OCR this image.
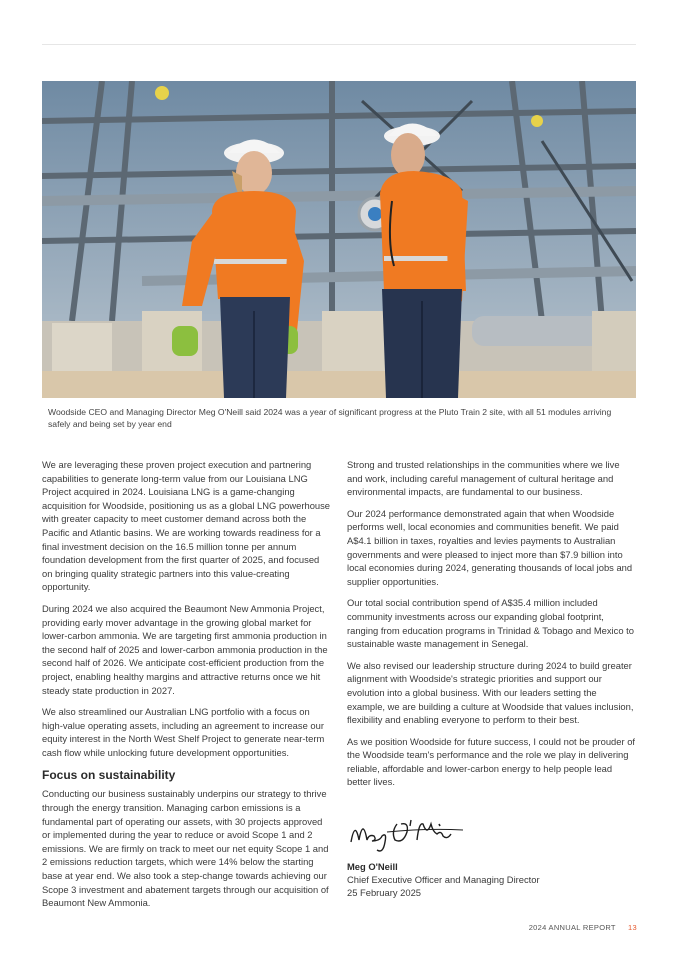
Woodside CEO and Managing Director Meg O'Neill said 2024 was a year of significant progress at the Pluto Train 2 site, with all 51 modules arriving safely and being set by year end

We are leveraging these proven project execution and partnering capabilities to generate long-term value from our Louisiana LNG Project acquired in 2024. Louisiana LNG is a game-changing acquisition for Woodside, positioning us as a global LNG powerhouse with greater capacity to meet customer demand across both the Pacific and Atlantic basins. We are working towards readiness for a final investment decision on the 16.5 million tonne per annum foundation development from the first quarter of 2025, and focused on bringing quality strategic partners into this value-creating opportunity.

During 2024 we also acquired the Beaumont New Ammonia Project, providing early mover advantage in the growing global market for lower-carbon ammonia. We are targeting first ammonia production in the second half of 2025 and lower-carbon ammonia production in the second half of 2026. We anticipate cost-efficient production from the project, enabling healthy margins and attractive returns once we hit steady state production in 2027.

We also streamlined our Australian LNG portfolio with a focus on high-value operating assets, including an agreement to increase our equity interest in the North West Shelf Project to generate near-term cash flow while unlocking future development opportunities.

Focus on sustainability

Conducting our business sustainably underpins our strategy to thrive through the energy transition. Managing carbon emissions is a fundamental part of operating our assets, with 30 projects approved or implemented during the year to reduce or avoid Scope 1 and 2 emissions. We are firmly on track to meet our net equity Scope 1 and 2 emissions reduction targets, which were 14% below the starting base at year end. We also took a step-change towards achieving our Scope 3 investment and abatement targets through our acquisition of Beaumont New Ammonia.

Strong and trusted relationships in the communities where we live and work, including careful management of cultural heritage and environmental impacts, are fundamental to our business.

Our 2024 performance demonstrated again that when Woodside performs well, local economies and communities benefit. We paid A$4.1 billion in taxes, royalties and levies payments to Australian governments and were pleased to inject more than $7.9 billion into local economies during 2024, generating thousands of local jobs and supplier opportunities.

Our total social contribution spend of A$35.4 million included community investments across our expanding global footprint, ranging from education programs in Trinidad & Tobago and Mexico to sustainable waste management in Senegal.

We also revised our leadership structure during 2024 to build greater alignment with Woodside's strategic priorities and support our evolution into a global business. With our leaders setting the example, we are building a culture at Woodside that values inclusion, flexibility and enabling everyone to perform to their best.

As we position Woodside for future success, I could not be prouder of the Woodside team's performance and the role we play in delivering reliable, affordable and lower-carbon energy to help people lead better lives.

Meg O'Neill
Chief Executive Officer and Managing Director
25 February 2025
2024 ANNUAL REPORT 13
